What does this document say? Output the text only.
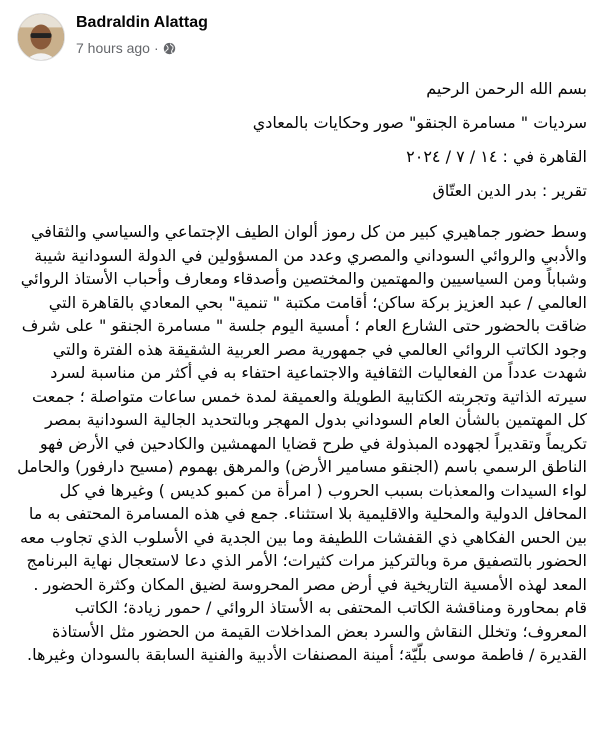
Badraldin Alattag
7 hours ago ·

بسم الله الرحمن الرحيم

سرديات " مسامرة الجنقو" صور وحكايات بالمعادي

القاهرة في : ١٤ / ٧ / ٢٠٢٤

تقرير : بدر الدين العتّاق

وسط حضور جماهيري كبير من كل رموز ألوان الطيف الإجتماعي والسياسي والثقافي والأدبي والروائي السوداني والمصري وعدد من المسؤولين في الدولة السودانية شيبة وشباباً ومن السياسيين والمهتمين والمختصين وأصدقاء ومعارف وأحباب الأستاذ الروائي العالمي / عبد العزيز بركة ساكن؛ أقامت مكتبة " تنمية" بحي المعادي بالقاهرة التي ضاقت بالحضور حتى الشارع العام ؛ أمسية اليوم جلسة " مسامرة الجنقو " على شرف وجود الكاتب الروائي العالمي في جمهورية مصر العربية الشقيقة هذه الفترة والتي شهدت عدداً من الفعاليات الثقافية والاجتماعية احتفاء به في أكثر من مناسبة لسرد سيرته الذاتية وتجربته الكتابية الطويلة والعميقة لمدة خمس ساعات متواصلة ؛ جمعت كل المهتمين بالشأن العام السوداني بدول المهجر وبالتحديد الجالية السودانية بمصر تكريماً وتقديراً لجهوده المبذولة في طرح قضايا المهمشين والكادحين في الأرض فهو الناطق الرسمي باسم (الجنقو مسامير الأرض) والمرهق بهموم (مسيح دارفور) والحامل لواء السيدات والمعذبات بسبب الحروب ( امرأة من كمبو كديس ) وغيرها في كل المحافل الدولية والمحلية والاقليمية بلا استثناء. جمع في هذه المسامرة المحتفى به ما بين الحس الفكاهي ذي القفشات اللطيفة وما بين الجدية في الأسلوب الذي تجاوب معه الحضور بالتصفيق مرة وبالتركيز مرات كثيرات؛ الأمر الذي دعا لاستعجال نهاية البرنامج المعد لهذه الأمسية التاريخية في أرض مصر المحروسة لضيق المكان وكثرة الحضور . قام بمحاورة ومناقشة الكاتب المحتفى به الأستاذ الروائي / حمور زيادة؛ الكاتب المعروف؛ وتخلل النقاش والسرد بعض المداخلات القيمة من الحضور مثل الأستاذة القديرة / فاطمة موسى بلّيّة؛ أمينة المصنفات الأدبية والفنية السابقة بالسودان وغيرها.
